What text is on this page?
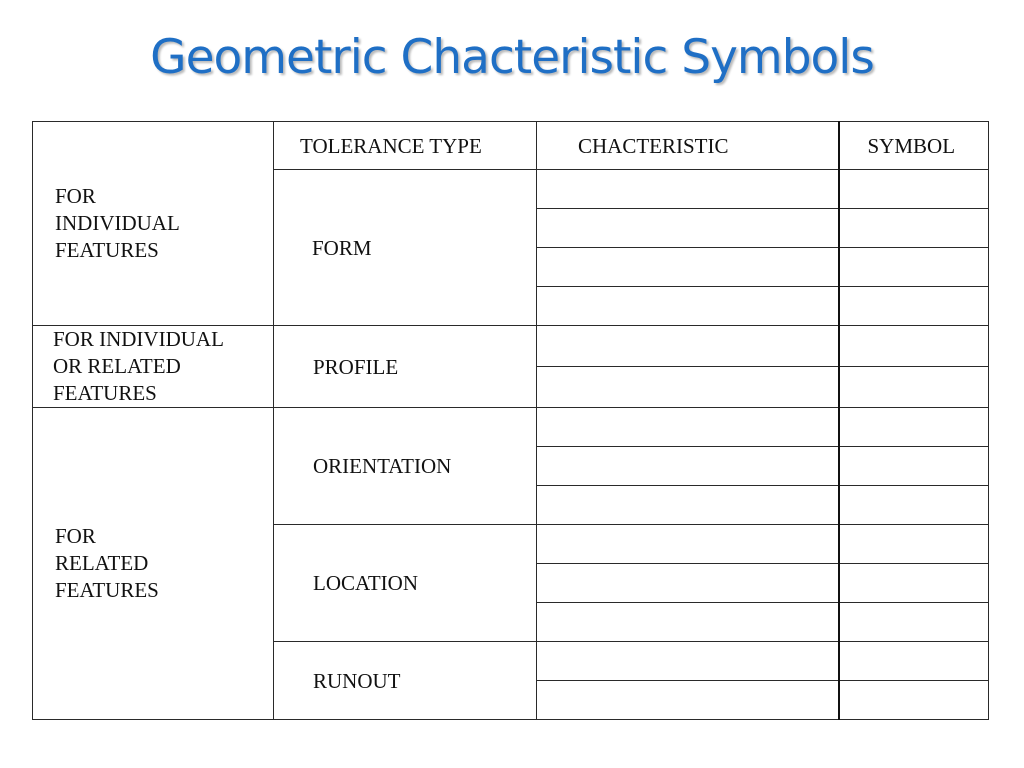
Geometric Chacteristic Symbols
FOR
INDIVIDUAL
FEATURES	TOLERANCE TYPE	CHACTERISTIC	SYMBOL
	FORM		

FOR INDIVIDUAL
OR RELATED
FEATURES	PROFILE		

FOR
RELATED
FEATURES	ORIENTATION		

	LOCATION		

	RUNOUT		
